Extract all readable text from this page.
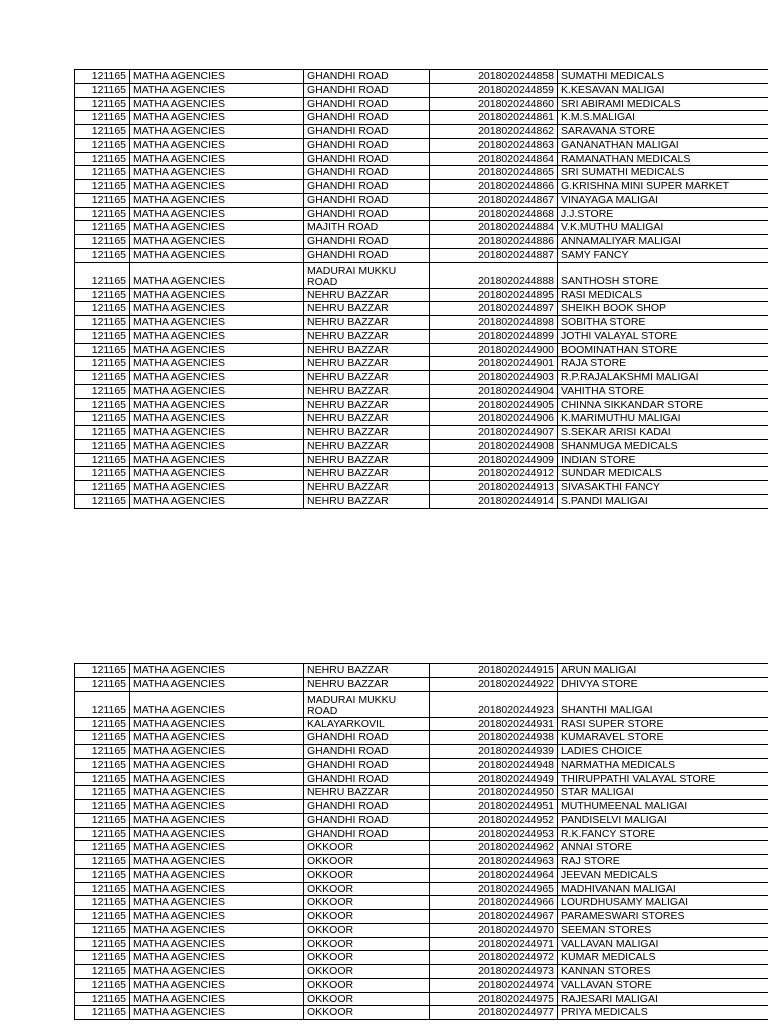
121165	MATHA AGENCIES	GHANDHI ROAD	2018020244858	SUMATHI MEDICALS
121165	MATHA AGENCIES	GHANDHI ROAD	2018020244859	K.KESAVAN MALIGAI
121165	MATHA AGENCIES	GHANDHI ROAD	2018020244860	SRI ABIRAMI MEDICALS
121165	MATHA AGENCIES	GHANDHI ROAD	2018020244861	K.M.S.MALIGAI
121165	MATHA AGENCIES	GHANDHI ROAD	2018020244862	SARAVANA STORE
121165	MATHA AGENCIES	GHANDHI ROAD	2018020244863	GANANATHAN MALIGAI
121165	MATHA AGENCIES	GHANDHI ROAD	2018020244864	RAMANATHAN MEDICALS
121165	MATHA AGENCIES	GHANDHI ROAD	2018020244865	SRI SUMATHI MEDICALS
121165	MATHA AGENCIES	GHANDHI ROAD	2018020244866	G.KRISHNA MINI SUPER MARKET
121165	MATHA AGENCIES	GHANDHI ROAD	2018020244867	VINAYAGA MALIGAI
121165	MATHA AGENCIES	GHANDHI ROAD	2018020244868	J.J.STORE
121165	MATHA AGENCIES	MAJITH ROAD	2018020244884	V.K.MUTHU MALIGAI
121165	MATHA AGENCIES	GHANDHI ROAD	2018020244886	ANNAMALIYAR MALIGAI
121165	MATHA AGENCIES	GHANDHI ROAD	2018020244887	SAMY FANCY
121165	MATHA AGENCIES	MADURAI MUKKU ROAD	2018020244888	SANTHOSH STORE
121165	MATHA AGENCIES	NEHRU BAZZAR	2018020244895	RASI MEDICALS
121165	MATHA AGENCIES	NEHRU BAZZAR	2018020244897	SHEIKH BOOK SHOP
121165	MATHA AGENCIES	NEHRU BAZZAR	2018020244898	SOBITHA STORE
121165	MATHA AGENCIES	NEHRU BAZZAR	2018020244899	JOTHI VALAYAL STORE
121165	MATHA AGENCIES	NEHRU BAZZAR	2018020244900	BOOMINATHAN STORE
121165	MATHA AGENCIES	NEHRU BAZZAR	2018020244901	RAJA STORE
121165	MATHA AGENCIES	NEHRU BAZZAR	2018020244903	R.P.RAJALAKSHMI MALIGAI
121165	MATHA AGENCIES	NEHRU BAZZAR	2018020244904	VAHITHA STORE
121165	MATHA AGENCIES	NEHRU BAZZAR	2018020244905	CHINNA SIKKANDAR STORE
121165	MATHA AGENCIES	NEHRU BAZZAR	2018020244906	K.MARIMUTHU MALIGAI
121165	MATHA AGENCIES	NEHRU BAZZAR	2018020244907	S.SEKAR ARISI KADAI
121165	MATHA AGENCIES	NEHRU BAZZAR	2018020244908	SHANMUGA MEDICALS
121165	MATHA AGENCIES	NEHRU BAZZAR	2018020244909	INDIAN STORE
121165	MATHA AGENCIES	NEHRU BAZZAR	2018020244912	SUNDAR MEDICALS
121165	MATHA AGENCIES	NEHRU BAZZAR	2018020244913	SIVASAKTHI FANCY
121165	MATHA AGENCIES	NEHRU BAZZAR	2018020244914	S.PANDI MALIGAI
121165	MATHA AGENCIES	NEHRU BAZZAR	2018020244915	ARUN MALIGAI
121165	MATHA AGENCIES	NEHRU BAZZAR	2018020244922	DHIVYA STORE
121165	MATHA AGENCIES	MADURAI MUKKU ROAD	2018020244923	SHANTHI MALIGAI
121165	MATHA AGENCIES	KALAYARKOVIL	2018020244931	RASI SUPER STORE
121165	MATHA AGENCIES	GHANDHI ROAD	2018020244938	KUMARAVEL STORE
121165	MATHA AGENCIES	GHANDHI ROAD	2018020244939	LADIES CHOICE
121165	MATHA AGENCIES	GHANDHI ROAD	2018020244948	NARMATHA MEDICALS
121165	MATHA AGENCIES	GHANDHI ROAD	2018020244949	THIRUPPATHI VALAYAL STORE
121165	MATHA AGENCIES	NEHRU BAZZAR	2018020244950	STAR MALIGAI
121165	MATHA AGENCIES	GHANDHI ROAD	2018020244951	MUTHUMEENAL MALIGAI
121165	MATHA AGENCIES	GHANDHI ROAD	2018020244952	PANDISELVI MALIGAI
121165	MATHA AGENCIES	GHANDHI ROAD	2018020244953	R.K.FANCY STORE
121165	MATHA AGENCIES	OKKOOR	2018020244962	ANNAI STORE
121165	MATHA AGENCIES	OKKOOR	2018020244963	RAJ STORE
121165	MATHA AGENCIES	OKKOOR	2018020244964	JEEVAN MEDICALS
121165	MATHA AGENCIES	OKKOOR	2018020244965	MADHIVANAN MALIGAI
121165	MATHA AGENCIES	OKKOOR	2018020244966	LOURDHUSAMY MALIGAI
121165	MATHA AGENCIES	OKKOOR	2018020244967	PARAMESWARI STORES
121165	MATHA AGENCIES	OKKOOR	2018020244970	SEEMAN STORES
121165	MATHA AGENCIES	OKKOOR	2018020244971	VALLAVAN MALIGAI
121165	MATHA AGENCIES	OKKOOR	2018020244972	KUMAR MEDICALS
121165	MATHA AGENCIES	OKKOOR	2018020244973	KANNAN STORES
121165	MATHA AGENCIES	OKKOOR	2018020244974	VALLAVAN STORE
121165	MATHA AGENCIES	OKKOOR	2018020244975	RAJESARI MALIGAI
121165	MATHA AGENCIES	OKKOOR	2018020244977	PRIYA MEDICALS
